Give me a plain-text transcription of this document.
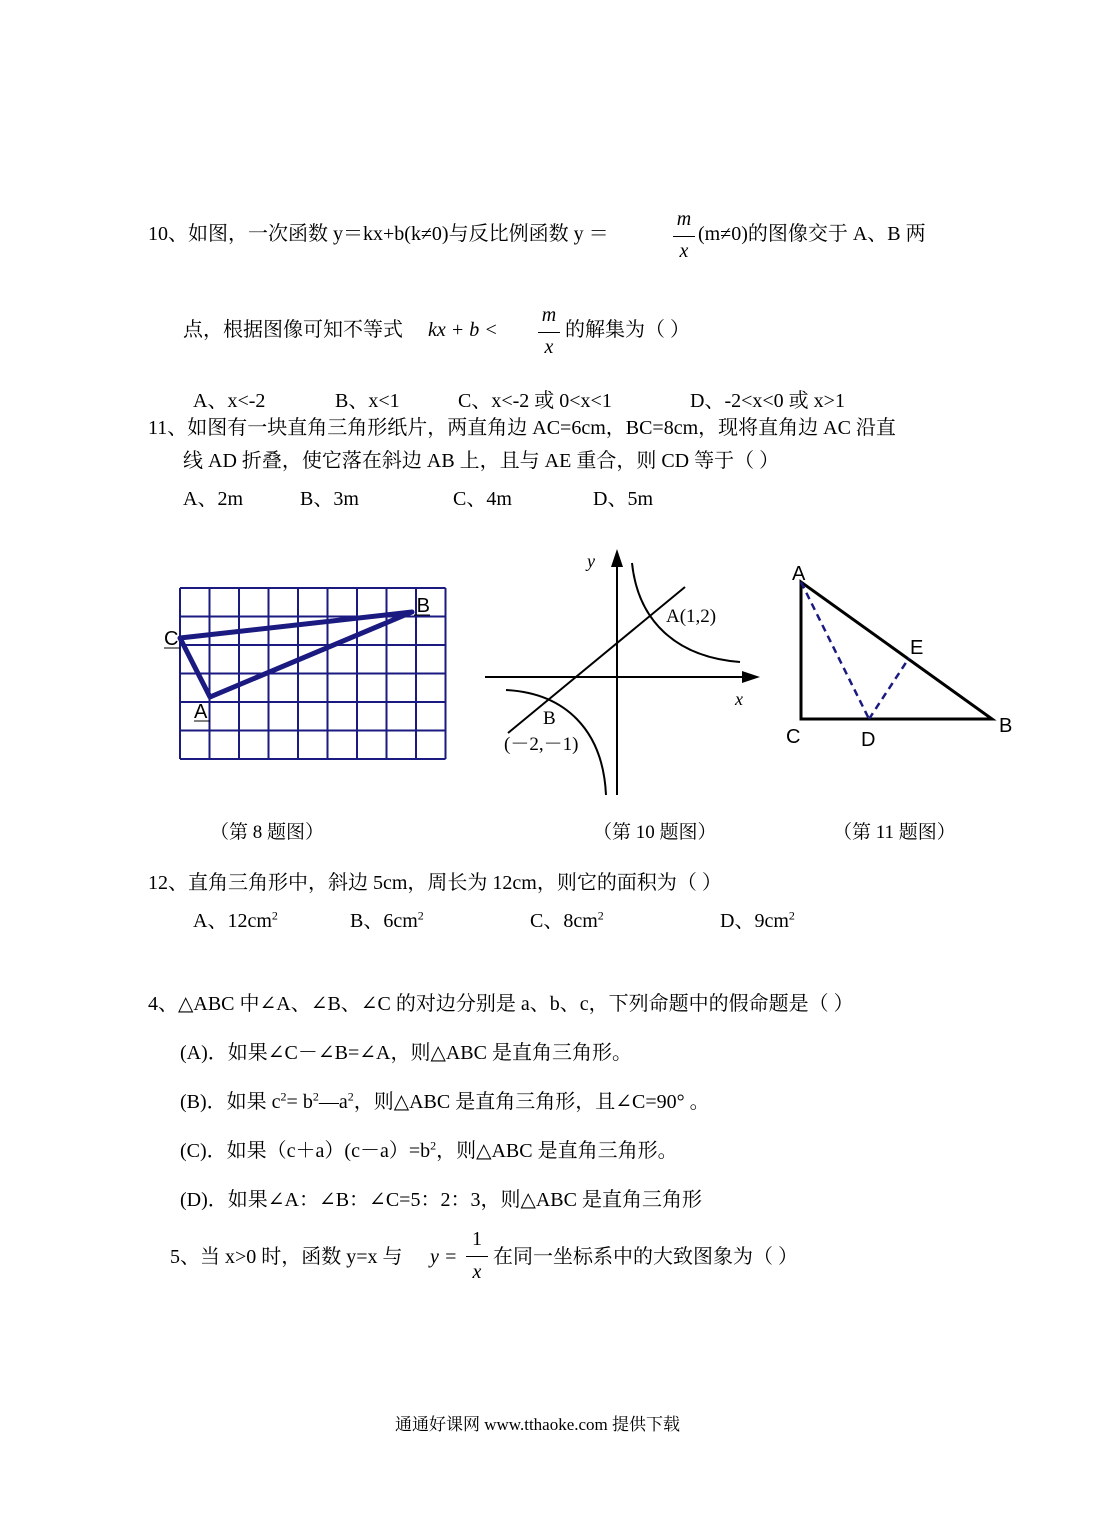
10、如图，一次函数 y＝kx+b(k≠0)与反比例函数 y ＝
m
x
(m≠0)的图像交于 A、B 两
点，根据图像可知不等式 kx + b <
m
x
的解集为（ ）
A、x<-2	B、x<1	C、x<-2 或 0<x<1	D、-2<x<0 或 x>1
11、如图有一块直角三角形纸片，两直角边 AC=6cm，BC=8cm，现将直角边 AC 沿直
线 AD 折叠，使它落在斜边 AB 上，且与 AE 重合，则 CD 等于（ ）
A、2m	B、3m	C、4m	D、5m
B
C
A
y
x
A(1,2)
B
(－2,－1)
A
E
C	D
B
（第 8 题图）	（第 10 题图）	（第 11 题图）
12、直角三角形中，斜边 5cm，周长为 12cm，则它的面积为（ ）
A、$12cm^2$	B、$6cm^2$	C、$8cm^2$	D、$9cm^2$
4、△ABC 中∠A、∠B、∠C 的对边分别是 a、b、c，下列命题中的假命题是（ ）
(A)．如果∠C－∠B=∠A，则△ABC 是直角三角形。
(B)．如果 $c^2=$ $b^2—a^2$，则△ABC 是直角三角形，且∠C=90° 。
(C)．如果$(c+a)(c-a)=b^2$，则△ABC 是直角三角形。
(D)．如果∠A：∠B：∠C=5：2：3，则△ABC 是直角三角形
5、当 x>0 时，函数 y=x 与 y =
1
x
在同一坐标系中的大致图象为（ ）
通通好课网 www.tthaoke.com 提供下载
